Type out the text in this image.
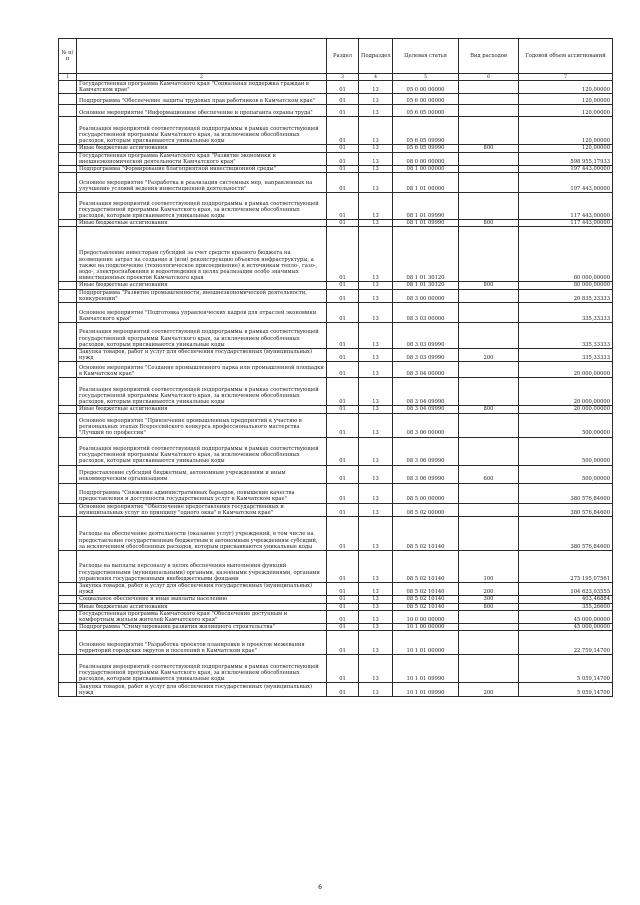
№ п/п		Раздел	Подраздел	Целевая статья	Вид расходов	Годовой объем ассигнований
1	2	3	4	5	6	7
	Государственная программа Камчатского края "Социальная поддержка граждан в Камчатском крае"	01	13	05 0 00 00000		120,00000
	Подпрограмма "Обеспечение защиты трудовых прав работников в Камчатском крае"	01	13	05 6 00 00000		120,00000
	Основное мероприятие "Информационное обеспечение и пропаганта охраны труда"	01	13	05 6 05 00000		120,00000
	Реализация мероприятий соответствующей подпрограммы в рамках соответствующей государственной программы Камчатского края, за исключением обособленных расходов, которым присваиваются уникальные коды	01	13	05 6 05 09990		120,00000
	Иные бюджетные ассигнования	01	13	05 6 05 09990	800	120,00000
	Государственная программа Камчатского края "Развитие экономики и внешнеэкономической деятельности Камчатского края"	01	13	08 0 00 00000		598 955,17933
	Подпрограмма "Формирование благоприятной инвестиционной среды"	01	13	08 1 00 00000		197 443,00000
	Основное мероприятие "Разработка и реализация системных мер, направленных на улучшение условий ведения инвестиционной деятельности"	01	13	08 1 01 00000		197 443,00000
	Реализация мероприятий соответствующей подпрограммы в рамках соответствующей государственной программы Камчатского края, за исключением обособленных расходов, которым присваиваются уникальные коды	01	13	08 1 01 09990		117 443,00000
	Иные бюджетные ассигнования	01	13	08 1 01 09990	800	117 443,00000
	Предоставление инвесторам субсидий за счет средств краевого бюджета на возмещение затрат на создание и (или) реконструкцию объектов инфраструктуры, а также на подключение (технологическое присоединение) к источникам тепло-, газо-, водо-, электроснабжения и водоотведения в целях реализации особо значимых инвестиционных проектов Камчатского края	01	13	08 1 01 30120		80 000,00000
	Иные бюджетные ассигнования	01	13	08 1 01 30120	800	80 000,00000
	Подпрограмма "Развитие промышленности, внешнеэкономической деятельности, конкуренции"	01	13	08 3 00 00000		20 835,33333
	Основное мероприятие "Подготовка управленческих кадров для отраслей экономики Камчатского края"	01	13	08 3 03 00000		335,33333
	Реализация мероприятий соответствующей подпрограммы в рамках соответствующей государственной программы Камчатского края, за исключением обособленных расходов, которым присваиваются уникальные коды	01	13	08 3 03 09990		335,33333
	Закупка товаров, работ и услуг для обеспечения государственных (муниципальных) нужд	01	13	08 3 03 09990	200	335,33333
	Основное мероприятие "Создание промышленного парка или промышленной площадки в Камчатском крае"	01	13	08 3 04 00000		20 000,00000
	Реализация мероприятий соответствующей подпрограммы в рамках соответствующей государственной программы Камчатского края, за исключением обособленных расходов, которым присваиваются уникальные коды	01	13	08 3 04 09990		20 000,00000
	Иные бюджетные ассигнования	01	13	08 3 04 09990	800	20 000,00000
	Основное мероприятие "Привлечение промышленных предприятий к участию в региональных этапах Всероссийского конкурса профессионального мастерства "Лучший по профессии"	01	13	08 3 06 00000		500,00000
	Реализация мероприятий соответствующей подпрограммы в рамках соответствующей государственной программы Камчатского края, за исключением обособленных расходов, которым присваиваются уникальные коды	01	13	08 3 06 09990		500,00000
	Предоставление субсидий бюджетным, автономным учреждениям и иным некоммерческим организациям	01	13	08 3 06 09990	600	500,00000
	Подпрограмма "Снижение административных барьеров, повышение качества предоставления и доступности государственных услуг в Камчатском крае"	01	13	08 5 00 00000		380 576,84600
	Основное мероприятие "Обеспечение предоставления государственных и муниципальных услуг по принципу "одного окна" в Камчатском крае"	01	13	08 5 02 00000		380 576,84600
	Расходы на обеспечение деятельности (оказание услуг) учреждений, в том числе на предоставление государственным бюджетным и автономным учреждениям субсидий, за исключением обособленных расходов, которым присваиваются уникальные коды	01	13	08 5 02 10140		380 576,84600
	Расходы на выплаты персоналу в целях обеспечения выполнения функций государственными (муниципальными) органами, казенными учреждениями, органами управления государственными внебюджетными фондами	01	13	08 5 02 10140	100	275 195,07561
	Закупка товаров, работ и услуг для обеспечения государственных (муниципальных) нужд	01	13	08 5 02 10140	200	104 623,03555
	Социальное обеспечение и иные выплаты населению	01	13	08 5 02 10140	300	403,46884
	Иные бюджетные ассигнования	01	13	08 5 02 10140	800	355,26600
	Государственная программа Камчатского края "Обеспечение доступным и комфортным жильем жителей Камчатского края"	01	13	10 0 00 00000		45 000,00000
	Подпрограмма "Стимулирование развития жилищного строительства"	01	13	10 1 00 00000		45 000,00000
	Основное мероприятие "Разработка проектов планировки и проектов межевания территорий городских округов и поселений в Камчатском крае"	01	13	10 1 01 00000		22 759,14700
	Реализация мероприятий соответствующей подпрограммы в рамках соответствующей государственной программы Камчатского края, за исключением обособленных расходов, которым присваиваются уникальные коды	01	13	10 1 01 09990		5 059,14700
	Закупка товаров, работ и услуг для обеспечения государственных (муниципальных) нужд	01	13	10 1 01 09990	200	5 059,14700
6
